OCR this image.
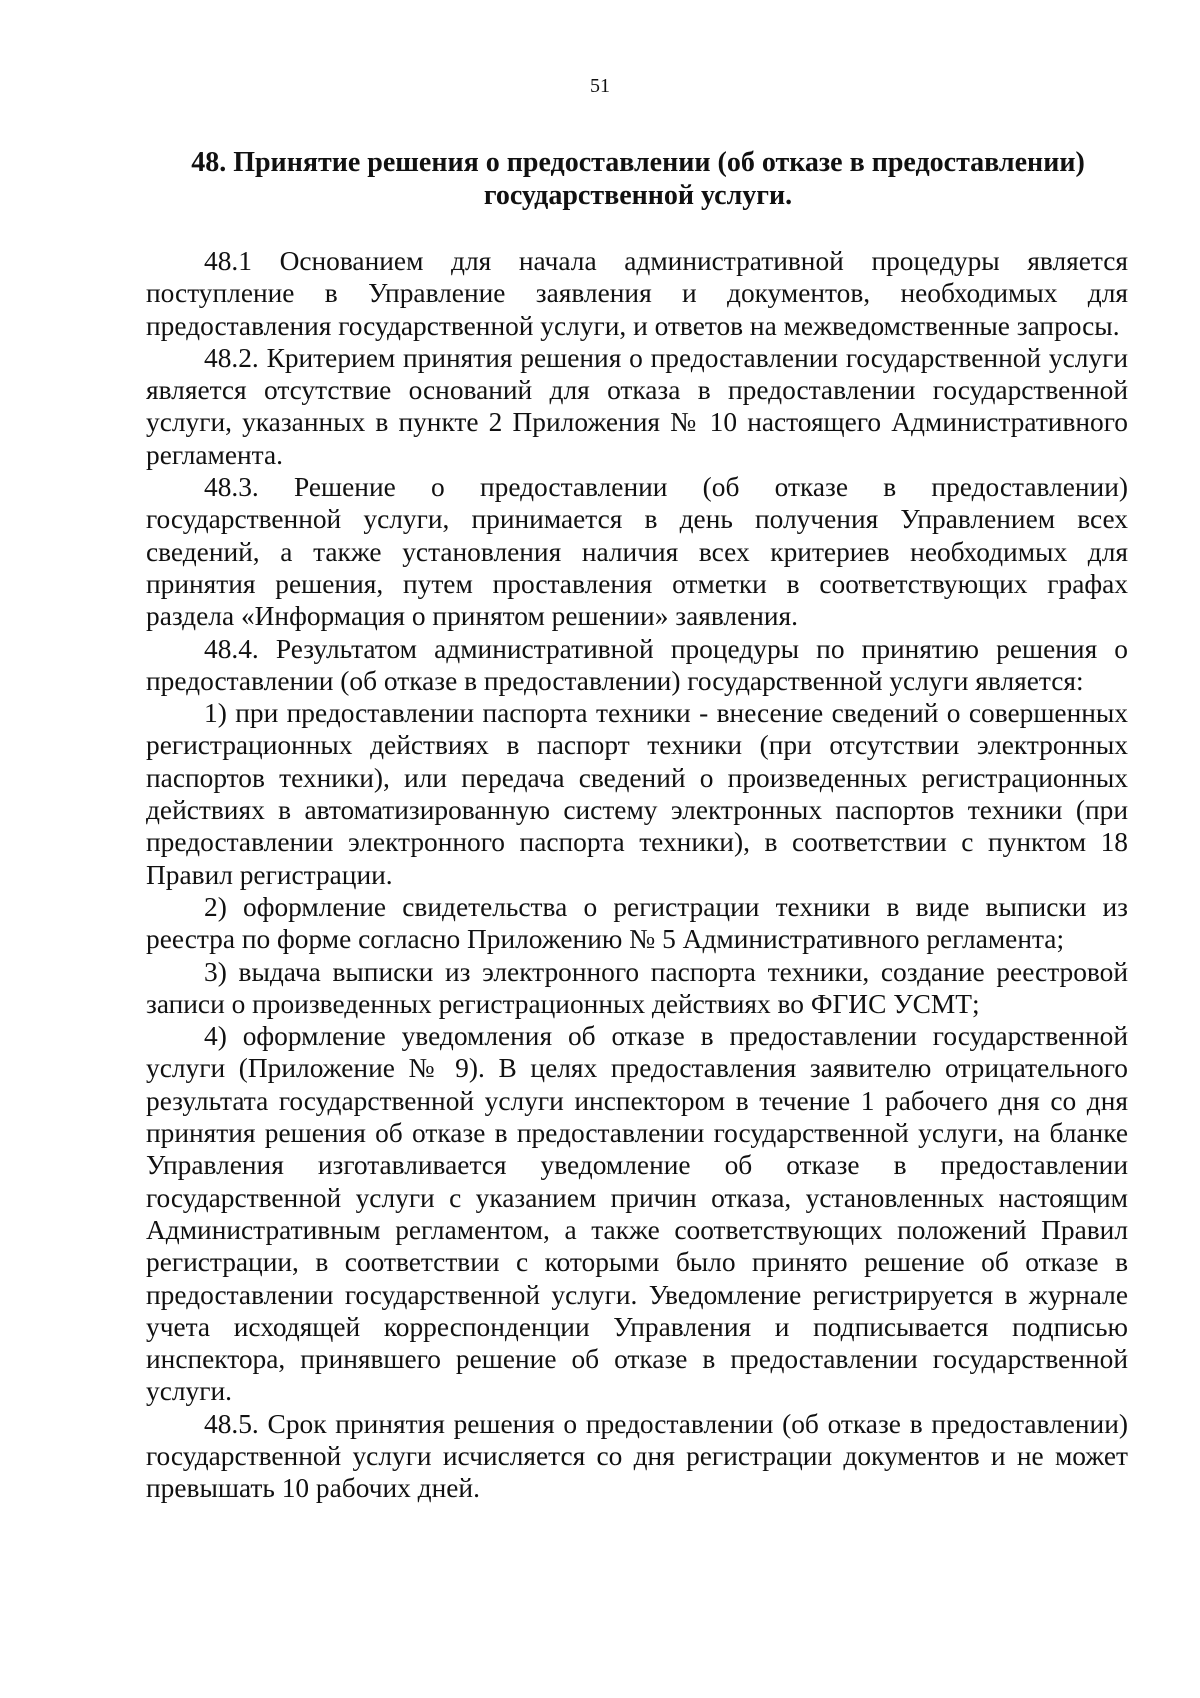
51
48. Принятие решения о предоставлении (об отказе в предоставлении)
государственной услуги.

48.1 Основанием для начала административной процедуры является поступление в Управление заявления и документов, необходимых для предоставления государственной услуги, и ответов на межведомственные запросы.

48.2. Критерием принятия решения о предоставлении государственной услуги является отсутствие оснований для отказа в предоставлении государственной услуги, указанных в пункте 2 Приложения № 10 настоящего Административного регламента.

48.3. Решение о предоставлении (об отказе в предоставлении) государственной услуги, принимается в день получения Управлением всех сведений, а также установления наличия всех критериев необходимых для принятия решения, путем проставления отметки в соответствующих графах раздела «Информация о принятом решении» заявления.

48.4. Результатом административной процедуры по принятию решения о предоставлении (об отказе в предоставлении) государственной услуги является:

1) при предоставлении паспорта техники - внесение сведений о совершенных регистрационных действиях в паспорт техники (при отсутствии электронных паспортов техники), или передача сведений о произведенных регистрационных действиях в автоматизированную систему электронных паспортов техники (при предоставлении электронного паспорта техники), в соответствии с пунктом 18 Правил регистрации.

2) оформление свидетельства о регистрации техники в виде выписки из реестра по форме согласно Приложению № 5 Административного регламента;

3) выдача выписки из электронного паспорта техники, создание реестровой записи о произведенных регистрационных действиях во ФГИС УСМТ;

4) оформление уведомления об отказе в предоставлении государственной услуги (Приложение № 9). В целях предоставления заявителю отрицательного результата государственной услуги инспектором в течение 1 рабочего дня со дня принятия решения об отказе в предоставлении государственной услуги, на бланке Управления изготавливается уведомление об отказе в предоставлении государственной услуги с указанием причин отказа, установленных настоящим Административным регламентом, а также соответствующих положений Правил регистрации, в соответствии с которыми было принято решение об отказе в предоставлении государственной услуги. Уведомление регистрируется в журнале учета исходящей корреспонденции Управления и подписывается подписью инспектора, принявшего решение об отказе в предоставлении государственной услуги.

48.5. Срок принятия решения о предоставлении (об отказе в предоставлении) государственной услуги исчисляется со дня регистрации документов и не может превышать 10 рабочих дней.
